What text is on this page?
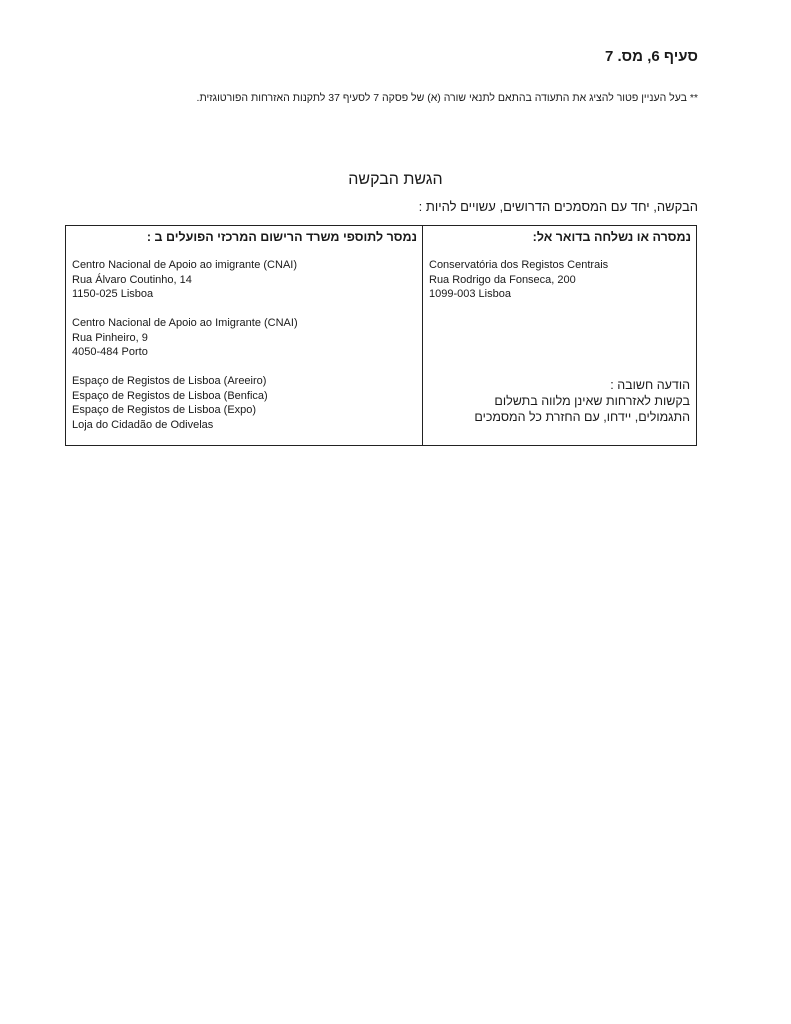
סעיף 6, מס. 7
** בעל העניין פטור להציג את התעודה בהתאם לתנאי שורה (א) של פסקה 7 לסעיף 37 לתקנות האזרחות הפורטוגזית.
הגשת הבקשה
הבקשה, יחד עם המסמכים הדרושים, עשויים להיות :
נמסר לתוספי משרד הרישום המרכזי הפועלים ב :
Centro Nacional de Apoio ao imigrante (CNAI)
Rua Álvaro Coutinho, 14
1150-025 Lisboa
Centro Nacional de Apoio ao Imigrante (CNAI)
Rua Pinheiro, 9
4050-484 Porto
Espaço de Registos de Lisboa (Areeiro)
Espaço de Registos de Lisboa (Benfica)
Espaço de Registos de Lisboa (Expo)
Loja do Cidadão de Odivelas
נמסרה או נשלחה בדואר אל:
Conservatória dos Registos Centrais
Rua Rodrigo da Fonseca, 200
1099-003 Lisboa
הודעה חשובה :
בקשות לאזרחות שאינן מלווה בתשלום
התגמולים, יידחו, עם החזרת כל המסמכים
